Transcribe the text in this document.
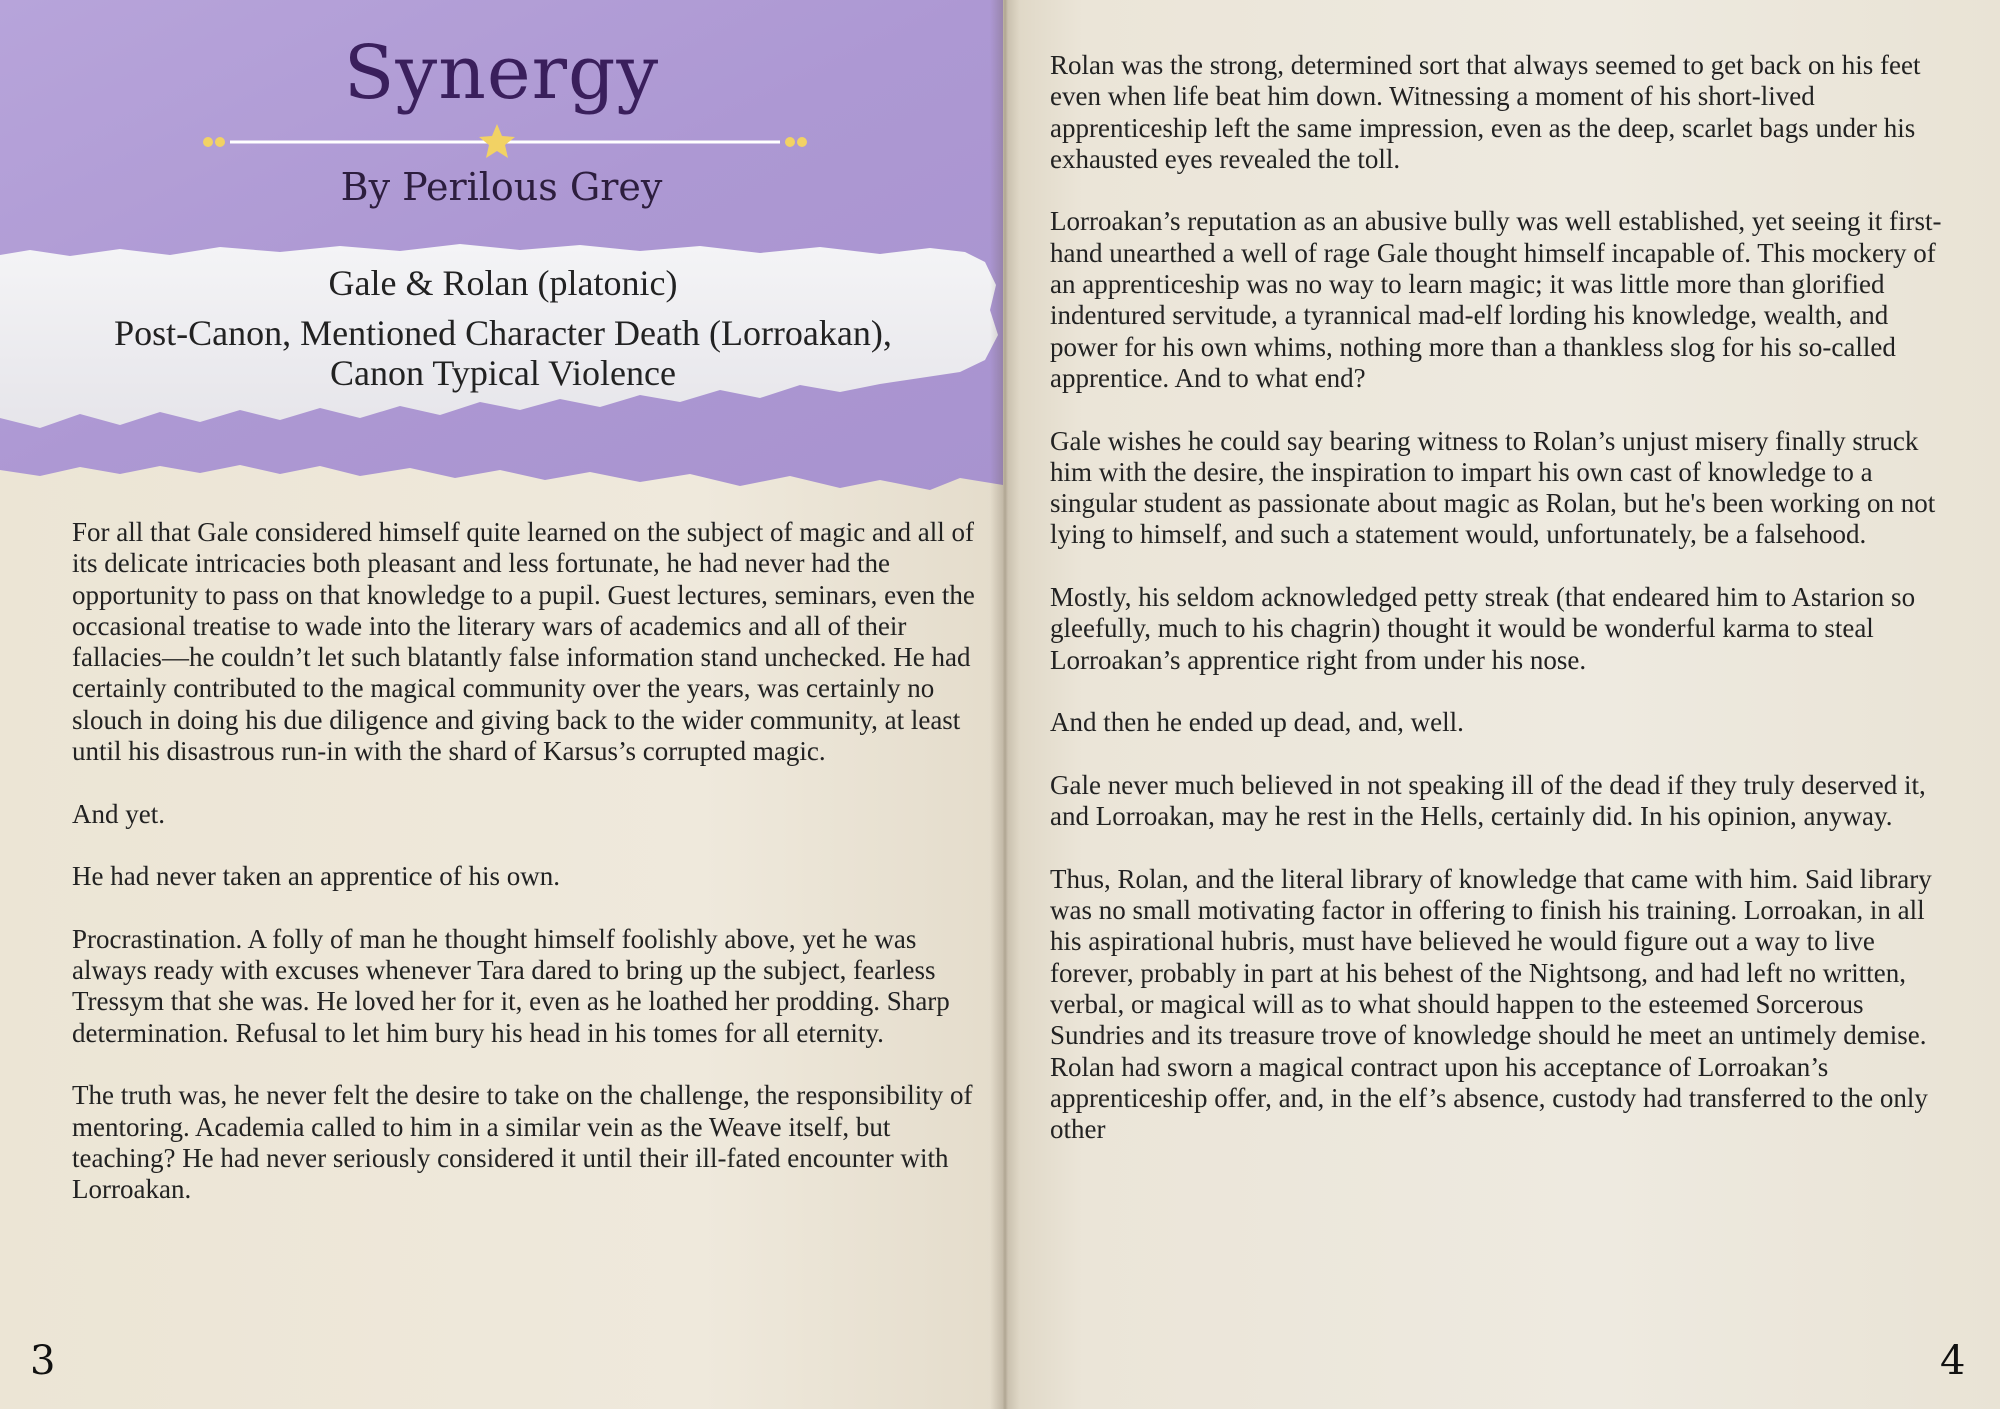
Synergy
By Perilous Grey
Gale & Rolan (platonic)
Post-Canon, Mentioned Character Death (Lorroakan),
Canon Typical Violence

For all that Gale considered himself quite learned on the subject of magic and all of its delicate intricacies both pleasant and less fortunate, he had never had the opportunity to pass on that knowledge to a pupil. Guest lectures, seminars, even the occasional treatise to wade into the literary wars of academics and all of their fallacies—he couldn’t let such blatantly false information stand unchecked. He had certainly contributed to the magical community over the years, was certainly no slouch in doing his due diligence and giving back to the wider community, at least until his disastrous run-in with the shard of Karsus’s corrupted magic.

And yet.

He had never taken an apprentice of his own.

Procrastination. A folly of man he thought himself foolishly above, yet he was always ready with excuses whenever Tara dared to bring up the subject, fearless Tressym that she was. He loved her for it, even as he loathed her prodding. Sharp determination. Refusal to let him bury his head in his tomes for all eternity.

The truth was, he never felt the desire to take on the challenge, the responsibility of mentoring. Academia called to him in a similar vein as the Weave itself, but teaching? He had never seriously considered it until their ill-fated encounter with Lorroakan.

3

Rolan was the strong, determined sort that always seemed to get back on his feet even when life beat him down. Witnessing a moment of his short-lived apprenticeship left the same impression, even as the deep, scarlet bags under his exhausted eyes revealed the toll.

Lorroakan’s reputation as an abusive bully was well established, yet seeing it first-hand unearthed a well of rage Gale thought himself incapable of. This mockery of an apprenticeship was no way to learn magic; it was little more than glorified indentured servitude, a tyrannical mad-elf lording his knowledge, wealth, and power for his own whims, nothing more than a thankless slog for his so-called apprentice. And to what end?

Gale wishes he could say bearing witness to Rolan’s unjust misery finally struck him with the desire, the inspiration to impart his own cast of knowledge to a singular student as passionate about magic as Rolan, but he's been working on not lying to himself, and such a statement would, unfortunately, be a falsehood.

Mostly, his seldom acknowledged petty streak (that endeared him to Astarion so gleefully, much to his chagrin) thought it would be wonderful karma to steal Lorroakan’s apprentice right from under his nose.

And then he ended up dead, and, well.

Gale never much believed in not speaking ill of the dead if they truly deserved it, and Lorroakan, may he rest in the Hells, certainly did. In his opinion, anyway.

Thus, Rolan, and the literal library of knowledge that came with him. Said library was no small motivating factor in offering to finish his training. Lorroakan, in all his aspirational hubris, must have believed he would figure out a way to live forever, probably in part at his behest of the Nightsong, and had left no written, verbal, or magical will as to what should happen to the esteemed Sorcerous Sundries and its treasure trove of knowledge should he meet an untimely demise. Rolan had sworn a magical contract upon his acceptance of Lorroakan’s apprenticeship offer, and, in the elf’s absence, custody had transferred to the only other

4
